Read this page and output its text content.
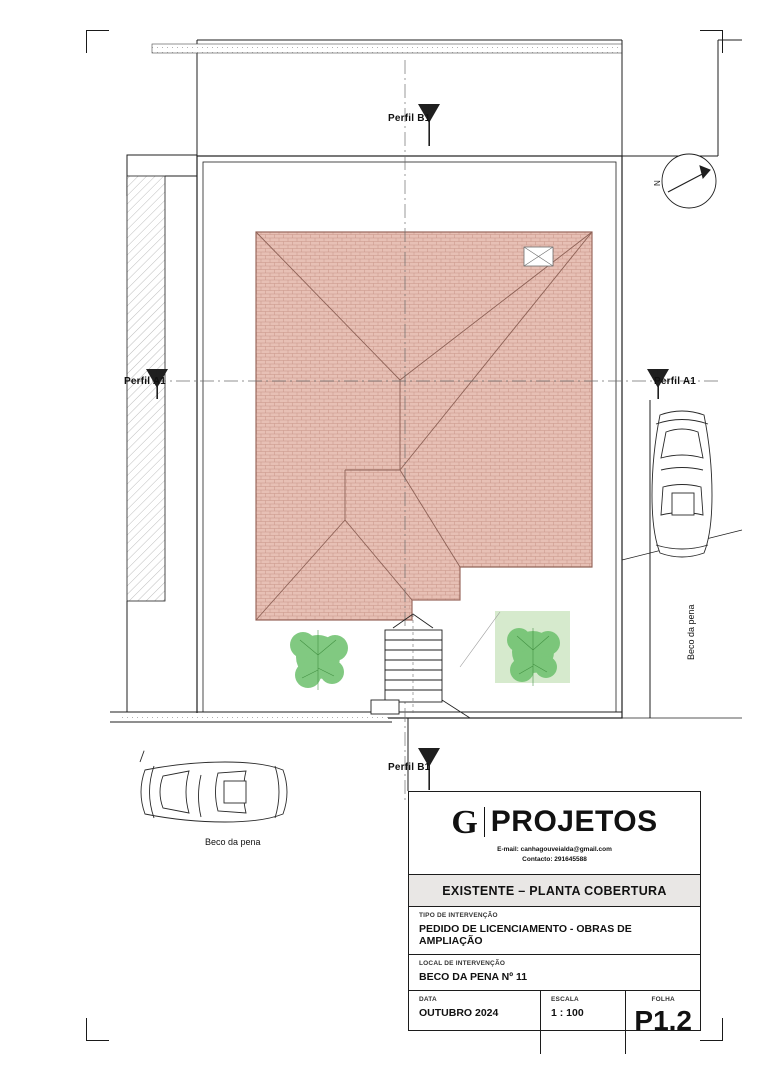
N
Perfil B1
Perfil A1	Perfil A1
Perfil B1
Beco da pena
Beco da pena
G PROJETOS
E-mail: canhagouveialda@gmail.com
Contacto: 291645588
EXISTENTE – PLANTA COBERTURA
TIPO DE INTERVENÇÃO
PEDIDO DE LICENCIAMENTO - OBRAS DE AMPLIAÇÃO
LOCAL DE INTERVENÇÃO
BECO DA PENA Nº 11
DATA
OUTUBRO 2024
ESCALA
1 : 100
FOLHA
P1.2
